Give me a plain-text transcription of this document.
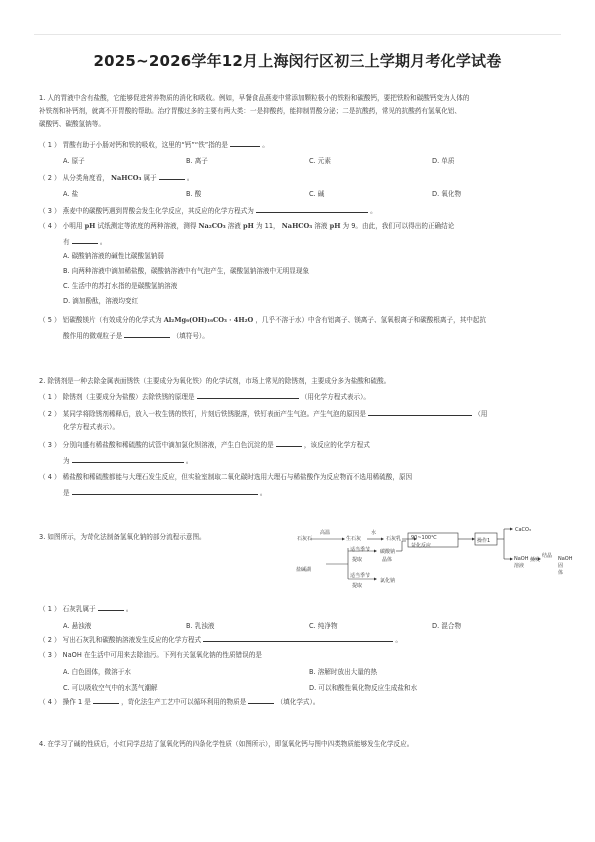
2025~2026学年12月上海闵行区初三上学期月考化学试卷
1. 人的胃液中含有盐酸，它能够促进营养物质的消化和吸收。例如，早餐食品燕麦中常添加颗粒极小的铁粉和碳酸钙，要把铁粉和碳酸钙变为人体的
补铁剂和补钙剂，就离不开胃酸的帮助。治疗胃酸过多的主要有两大类：一是抑酸药，能抑制胃酸分泌；二是抗酸药，常见的抗酸药有氢氧化铝、
碳酸钙、碳酸氢钠等。
（ 1 ） 胃酸有助于小肠对钙和铁的吸收，这里的“钙”“铁”指的是	。
A. 原子	B. 离子	C. 元素	D. 单质
（ 2 ） 从分类角度看， NaHCO₃ 属于	。
A. 盐	B. 酸	C. 碱	D. 氧化物
（ 3 ） 燕麦中的碳酸钙遇到胃酸会发生化学反应，其反应的化学方程式为	。
（ 4 ） 小明用 pH 试纸测定等浓度的两种溶液，测得 Na₂CO₃ 溶液 pH 为 11， NaHCO₃ 溶液 pH 为 9。由此，我们可以得出的正确结论
有	。
A. 碳酸钠溶液的碱性比碳酸氢钠弱
B. 向两种溶液中滴加稀盐酸，碳酸钠溶液中有气泡产生，碳酸氢钠溶液中无明显现象
C. 生活中的苏打水指的是碳酸氢钠溶液
D. 滴加酚酞，溶液均变红
（ 5 ） 铝碳酸镁片（有效成分的化学式为 Al₂Mg₆(OH)₁₆CO₃ · 4H₂O ，几乎不溶于水）中含有铝离子、镁离子、氢氧根离子和碳酸根离子，其中起抗
酸作用的微观粒子是	（填符号）。
2. 除锈剂是一种去除金属表面锈铁（主要成分为氧化铁）的化学试剂，市场上常见的除锈剂，主要成分多为盐酸和硫酸。
（ 1 ） 除锈剂（主要成分为盐酸）去除铁锈的原理是	（用化学方程式表示）。
（ 2 ） 某同学将除锈剂稀释后，放入一枚生锈的铁钉，片刻后铁锈脱落，铁钉表面产生气泡。产生气泡的原因是	（用
化学方程式表示）。
（ 3 ） 分别向盛有稀盐酸和稀硫酸的试管中滴加氯化钡溶液，产生白色沉淀的是	，该反应的化学方程式
为	。
（ 4 ） 稀盐酸和稀硫酸都能与大理石发生反应，但实验室制取二氧化碳时选用大理石与稀盐酸作为反应物而不选用稀硫酸，原因
是	。
3. 如图所示，为苛化法制备氢氧化钠的部分流程示意图。	石灰石
高温
生石灰
水
石灰乳 90~100℃
苛化反应
操作1
CaCO₃
NaOH 溶液
蒸发
结晶 NaOH 固体
盐碱湖
适当季节
提取
碳酸钠
晶体
适当季节
提取
氯化钠
（ 1 ） 石灰乳属于	。
A. 悬浊液	B. 乳浊液	C. 纯净物	D. 混合物
（ 2 ） 写出石灰乳和碳酸钠溶液发生反应的化学方程式	。
（ 3 ） NaOH 在生活中可用来去除油污。下列有关氢氧化钠的性质错误的是
A. 白色固体，微溶于水	B. 溶解时放出大量的热
C. 可以吸收空气中的水蒸气潮解	D. 可以和酸性氧化物反应生成盐和水
（ 4 ） 操作 1 是	，苛化法生产工艺中可以循环利用的物质是	（填化学式）。
4. 在学习了碱的性质后，小红同学总结了氢氧化钙的四条化学性质（如图所示），即氢氧化钙与图中四类物质能够发生化学反应。
